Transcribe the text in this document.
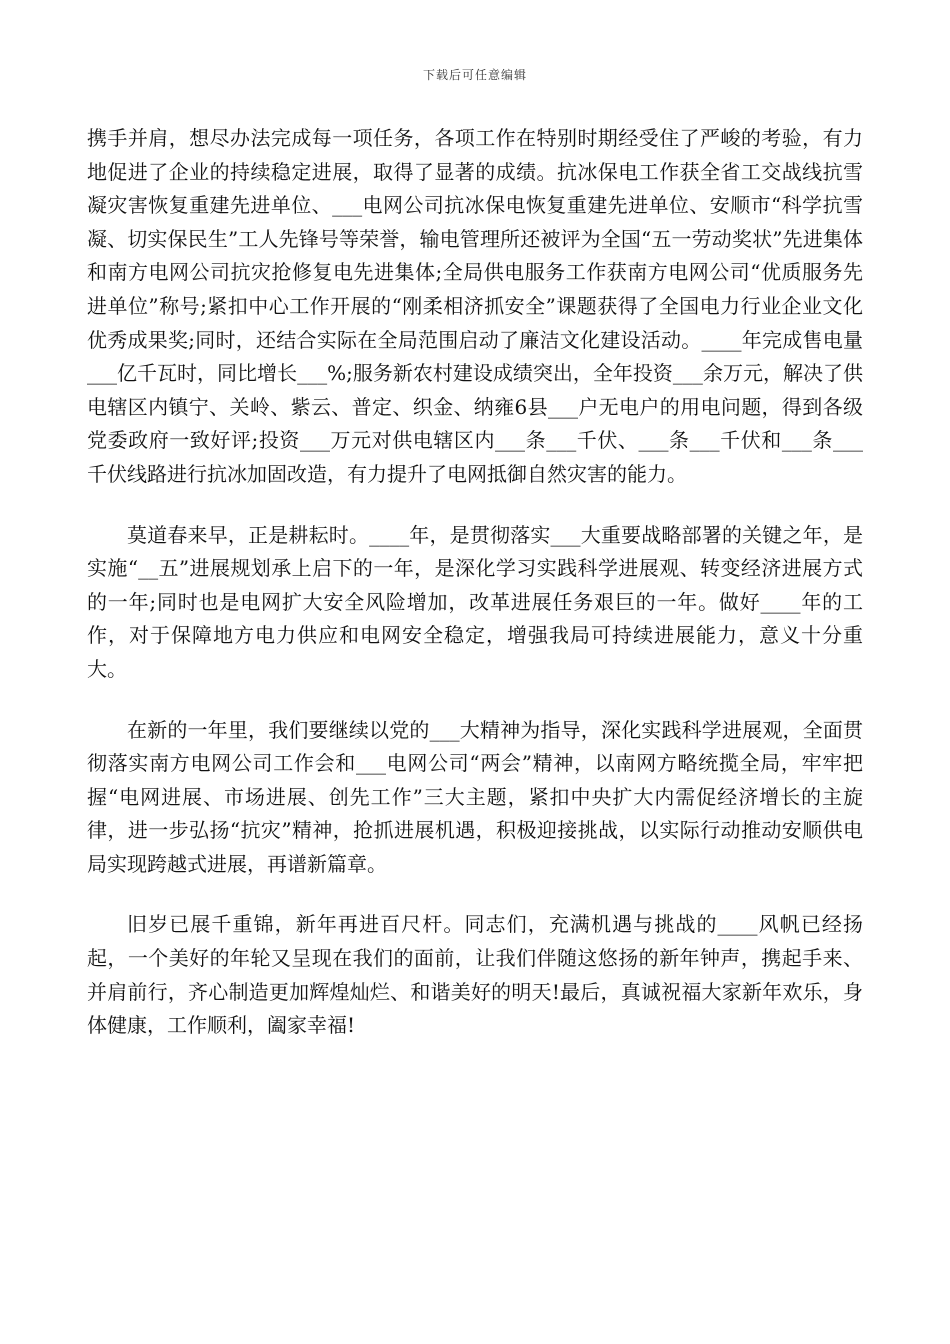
下载后可任意编辑

携手并肩，想尽办法完成每一项任务，各项工作在特别时期经受住了严峻的考验，有力地促进了企业的持续稳定进展，取得了显著的成绩。抗冰保电工作获全省工交战线抗雪凝灾害恢复重建先进单位、___电网公司抗冰保电恢复重建先进单位、安顺市“科学抗雪凝、切实保民生”工人先锋号等荣誉，输电管理所还被评为全国“五一劳动奖状”先进集体和南方电网公司抗灾抢修复电先进集体;全局供电服务工作获南方电网公司“优质服务先进单位”称号;紧扣中心工作开展的“刚柔相济抓安全”课题获得了全国电力行业企业文化优秀成果奖;同时，还结合实际在全局范围启动了廉洁文化建设活动。____年完成售电量___亿千瓦时，同比增长___%;服务新农村建设成绩突出，全年投资___余万元，解决了供电辖区内镇宁、关岭、紫云、普定、织金、纳雍6县___户无电户的用电问题，得到各级党委政府一致好评;投资___万元对供电辖区内___条___千伏、___条___千伏和___条___千伏线路进行抗冰加固改造，有力提升了电网抵御自然灾害的能力。

莫道春来早，正是耕耘时。____年，是贯彻落实___大重要战略部署的关键之年，是实施“__五”进展规划承上启下的一年，是深化学习实践科学进展观、转变经济进展方式的一年;同时也是电网扩大安全风险增加，改革进展任务艰巨的一年。做好____年的工作，对于保障地方电力供应和电网安全稳定，增强我局可持续进展能力，意义十分重大。

在新的一年里，我们要继续以党的___大精神为指导，深化实践科学进展观，全面贯彻落实南方电网公司工作会和___电网公司“两会”精神，以南网方略统揽全局，牢牢把握“电网进展、市场进展、创先工作”三大主题，紧扣中央扩大内需促经济增长的主旋律，进一步弘扬“抗灾”精神，抢抓进展机遇，积极迎接挑战，以实际行动推动安顺供电局实现跨越式进展，再谱新篇章。

旧岁已展千重锦，新年再进百尺杆。同志们，充满机遇与挑战的____风帆已经扬起，一个美好的年轮又呈现在我们的面前，让我们伴随这悠扬的新年钟声，携起手来、并肩前行，齐心制造更加辉煌灿烂、和谐美好的明天!最后，真诚祝福大家新年欢乐，身体健康，工作顺利，阖家幸福!
